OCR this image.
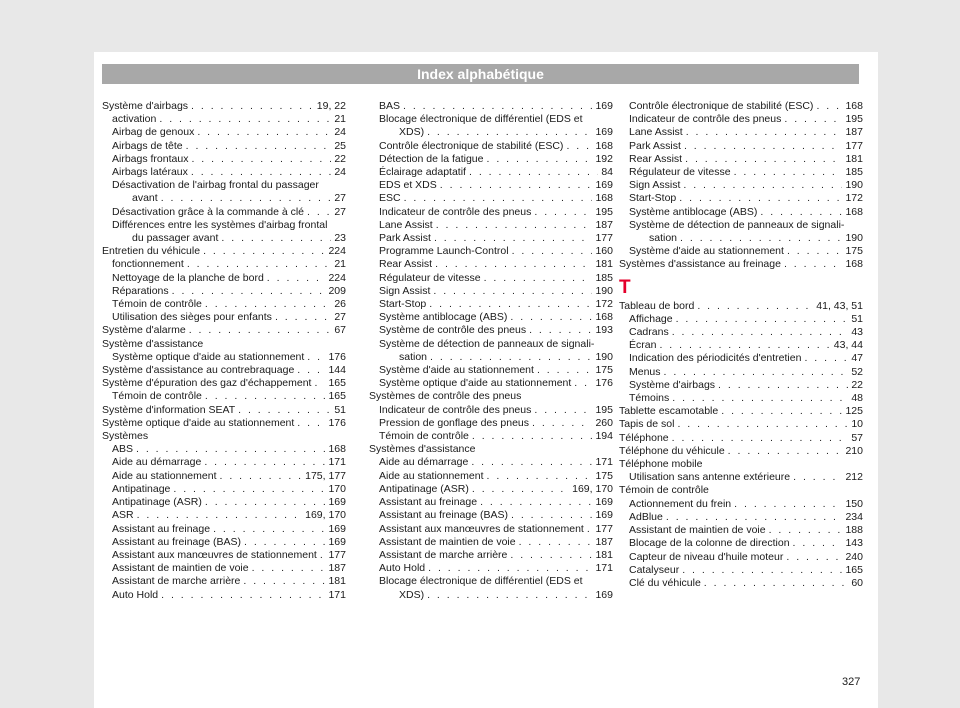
Index alphabétique
Système d'airbags . . .	19, 22
activation . . .	21
Airbag de genoux . . .	24
Airbags de tête . . .	25
Airbags frontaux . . .	22
Airbags latéraux . . .	24
Désactivation de l'airbag frontal du passager
avant . . .	27
Désactivation grâce à la commande à clé . . .	27
Différences entre les systèmes d'airbag frontal
du passager avant . . .	23
Entretien du véhicule . . .	224
fonctionnement . . .	21
Nettoyage de la planche de bord . . .	224
Réparations . . .	209
Témoin de contrôle . . .	26
Utilisation des sièges pour enfants . . .	27
Système d'alarme . . .	67
Système d'assistance
Système optique d'aide au stationnement . . . 176
Système d'assistance au contrebraquage . . .	144
Système d'épuration des gaz d'échappement . . . 165
Témoin de contrôle . . .	165
Système d'information SEAT . . .	51
Système optique d'aide au stationnement . . .	176
Systèmes
ABS . . .	168
Aide au démarrage . . .	171
Aide au stationnement . . .	175, 177
Antipatinage . . .	170
Antipatinage (ASR) . . .	169
ASR . . .	169, 170
Assistant au freinage . . .	169
Assistant au freinage (BAS) . . .	169
Assistant aux manœuvres de stationnement . . . 177
Assistant de maintien de voie . . .	187
Assistant de marche arrière . . .	181
Auto Hold . . .	171
BAS . . .	169
Blocage électronique de différentiel (EDS et
XDS) . . .	169
Contrôle électronique de stabilité (ESC) . . .	168
Détection de la fatigue . . .	192
Éclairage adaptatif . . .	84
EDS et XDS . . .	169
ESC . . .	168
Indicateur de contrôle des pneus . . .	195
Lane Assist . . .	187
Park Assist . . .	177
Programme Launch-Control . . .	160
Rear Assist . . .	181
Régulateur de vitesse . . .	185
Sign Assist . . .	190
Start-Stop . . .	172
Système antiblocage (ABS) . . .	168
Système de contrôle des pneus . . .	193
Système de détection de panneaux de signali-
sation . . .	190
Système d'aide au stationnement . . .	175
Système optique d'aide au stationnement . . . 176
Systèmes de contrôle des pneus
Indicateur de contrôle des pneus . . .	195
Pression de gonflage des pneus . . .	260
Témoin de contrôle . . .	194
Systèmes d'assistance
Aide au démarrage . . .	171
Aide au stationnement . . .	175
Antipatinage (ASR) . . .	169, 170
Assistant au freinage . . .	169
Assistant au freinage (BAS) . . .	169
Assistant aux manœuvres de stationnement . . . 177
Assistant de maintien de voie . . .	187
Assistant de marche arrière . . .	181
Auto Hold . . .	171
Blocage électronique de différentiel (EDS et
XDS) . . .	169
Contrôle électronique de stabilité (ESC) . . .	168
Indicateur de contrôle des pneus . . .	195
Lane Assist . . .	187
Park Assist . . .	177
Rear Assist . . .	181
Régulateur de vitesse . . .	185
Sign Assist . . .	190
Start-Stop . . .	172
Système antiblocage (ABS) . . .	168
Système de détection de panneaux de signali-
sation . . .	190
Système d'aide au stationnement . . .	175
Systèmes d'assistance au freinage . . .	168
T
Tableau de bord . . .	41, 43, 51
Affichage . . .	51
Cadrans . . .	43
Écran . . .	43, 44
Indication des périodicités d'entretien . . .	47
Menus . . .	52
Système d'airbags . . .	22
Témoins . . .	48
Tablette escamotable . . .	125
Tapis de sol . . .	10
Téléphone . . .	57
Téléphone du véhicule . . .	210
Téléphone mobile
Utilisation sans antenne extérieure . . .	212
Témoin de contrôle
Actionnement du frein . . .	150
AdBlue . . .	234
Assistant de maintien de voie . . .	188
Blocage de la colonne de direction . . .	143
Capteur de niveau d'huile moteur . . .	240
Catalyseur . . .	165
Clé du véhicule . . .	60
327
